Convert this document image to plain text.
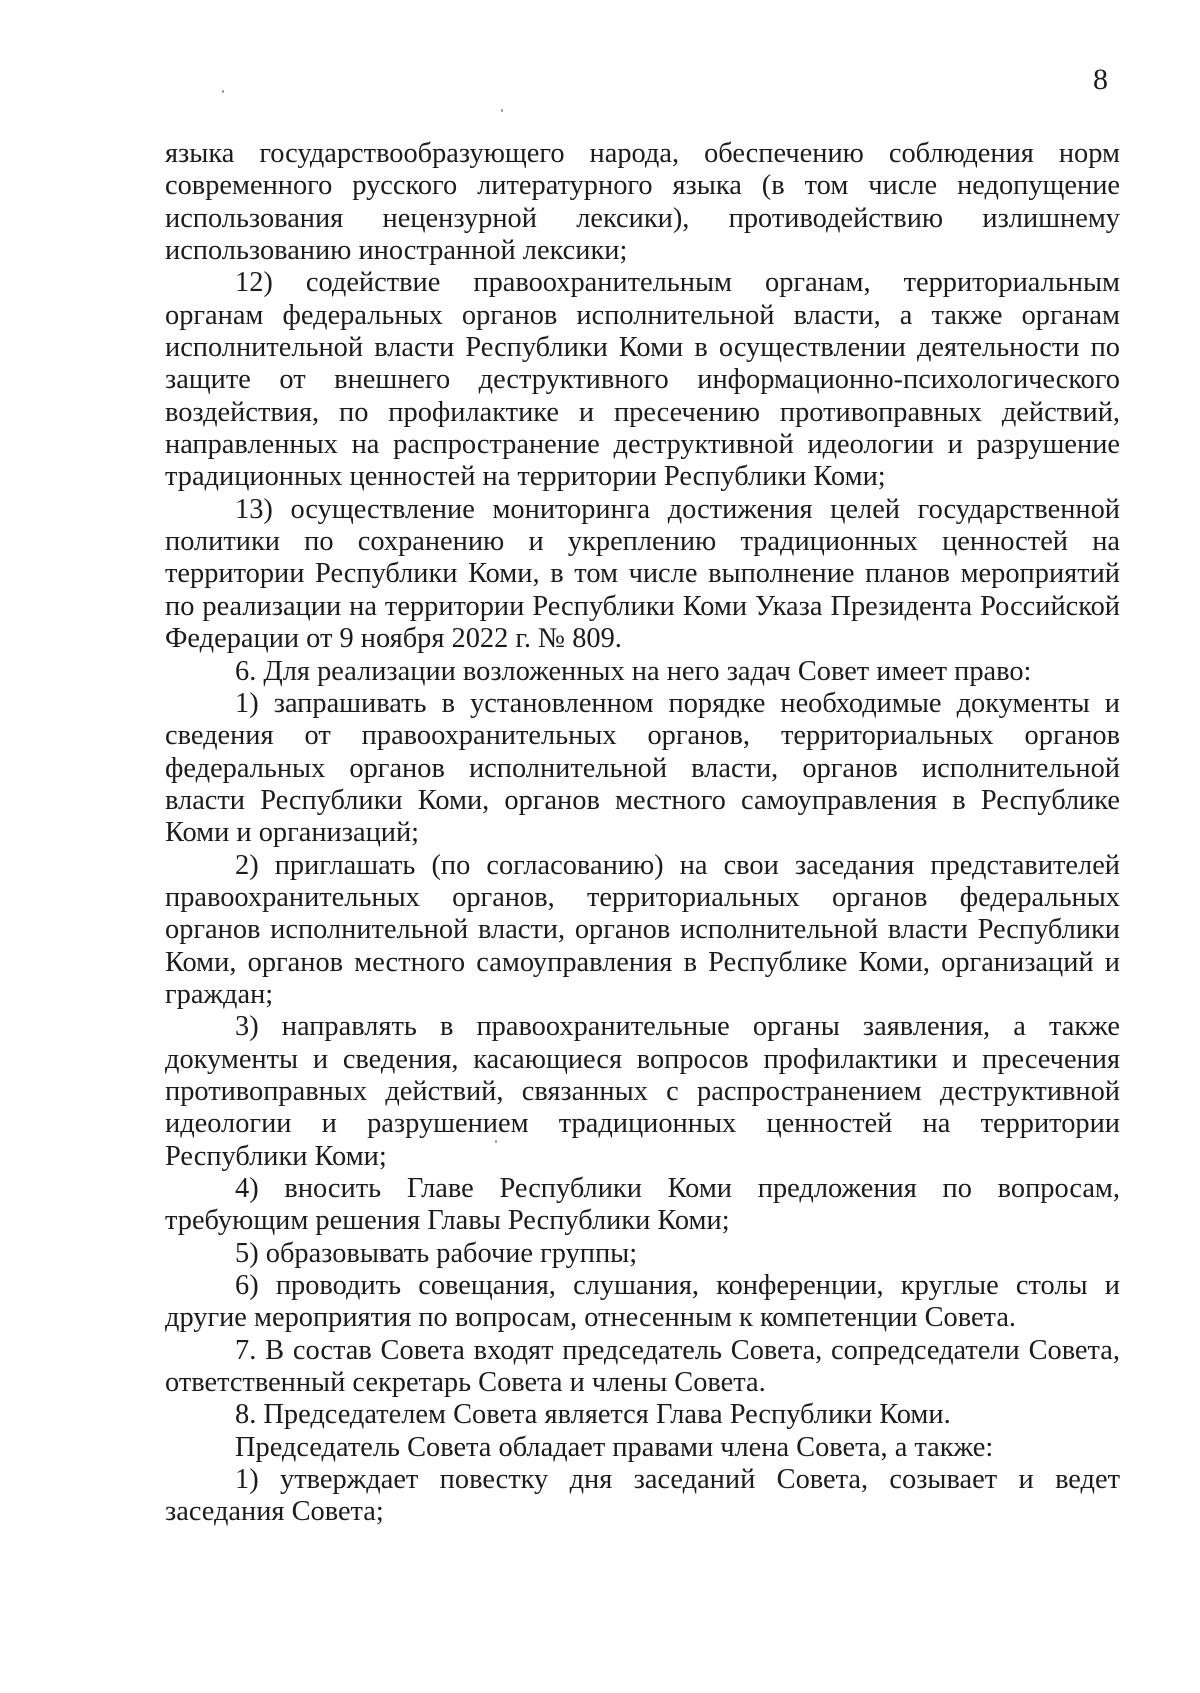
8

языка государствообразующего народа, обеспечению соблюдения норм современного русского литературного языка (в том числе недопущение использования нецензурной лексики), противодействию излишнему использованию иностранной лексики;

12) содействие правоохранительным органам, территориальным органам федеральных органов исполнительной власти, а также органам исполнительной власти Республики Коми в осуществлении деятельности по защите от внешнего деструктивного информационно-психологического воздействия, по профилактике и пресечению противоправных действий, направленных на распространение деструктивной идеологии и разрушение традиционных ценностей на территории Республики Коми;

13) осуществление мониторинга достижения целей государственной политики по сохранению и укреплению традиционных ценностей на территории Республики Коми, в том числе выполнение планов мероприятий по реализации на территории Республики Коми Указа Президента Российской Федерации от 9 ноября 2022 г. № 809.

6. Для реализации возложенных на него задач Совет имеет право:

1) запрашивать в установленном порядке необходимые документы и сведения от правоохранительных органов, территориальных органов федеральных органов исполнительной власти, органов исполнительной власти Республики Коми, органов местного самоуправления в Республике Коми и организаций;

2) приглашать (по согласованию) на свои заседания представителей правоохранительных органов, территориальных органов федеральных органов исполнительной власти, органов исполнительной власти Республики Коми, органов местного самоуправления в Республике Коми, организаций и граждан;

3) направлять в правоохранительные органы заявления, а также документы и сведения, касающиеся вопросов профилактики и пресечения противоправных действий, связанных с распространением деструктивной идеологии и разрушением традиционных ценностей на территории Республики Коми;

4) вносить Главе Республики Коми предложения по вопросам, требующим решения Главы Республики Коми;

5) образовывать рабочие группы;

6) проводить совещания, слушания, конференции, круглые столы и другие мероприятия по вопросам, отнесенным к компетенции Совета.

7. В состав Совета входят председатель Совета, сопредседатели Совета, ответственный секретарь Совета и члены Совета.

8. Председателем Совета является Глава Республики Коми.

Председатель Совета обладает правами члена Совета, а также:

1) утверждает повестку дня заседаний Совета, созывает и ведет заседания Совета;
